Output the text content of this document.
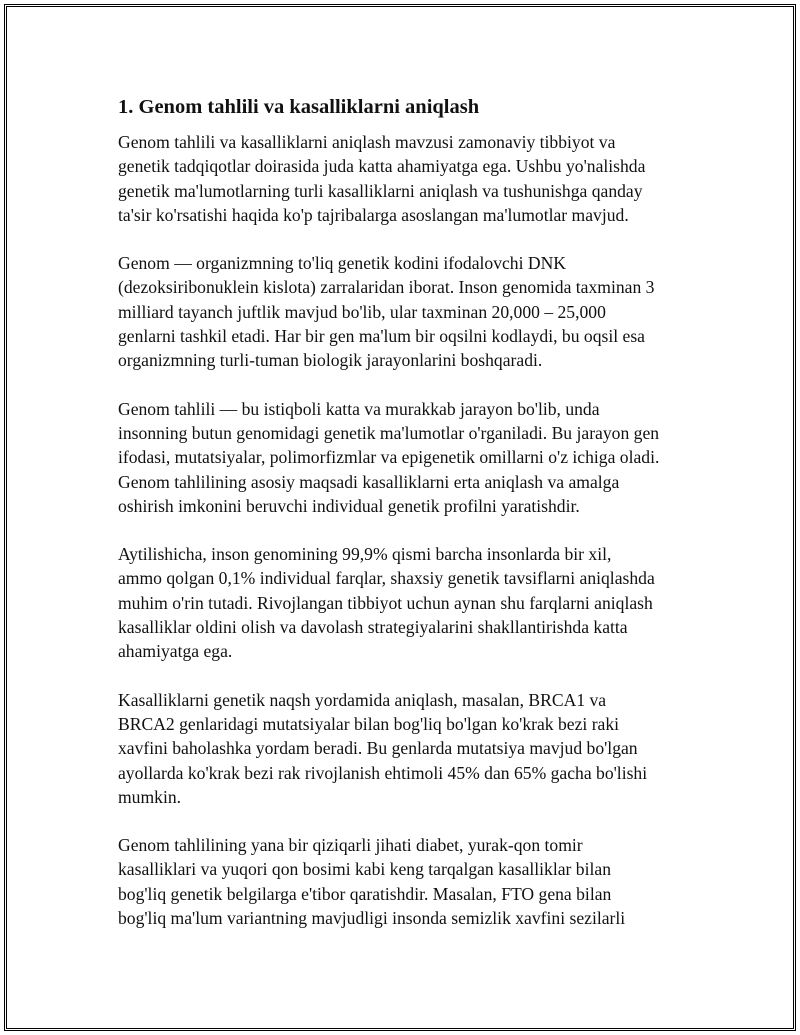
1. Genom tahlili va kasalliklarni aniqlash

Genom tahlili va kasalliklarni aniqlash mavzusi zamonaviy tibbiyot va
genetik tadqiqotlar doirasida juda katta ahamiyatga ega. Ushbu yo'nalishda
genetik ma'lumotlarning turli kasalliklarni aniqlash va tushunishga qanday
ta'sir ko'rsatishi haqida ko'p tajribalarga asoslangan ma'lumotlar mavjud.

Genom — organizmning to'liq genetik kodini ifodalovchi DNK
(dezoksiribonuklein kislota) zarralaridan iborat. Inson genomida taxminan 3
milliard tayanch juftlik mavjud bo'lib, ular taxminan 20,000 – 25,000
genlarni tashkil etadi. Har bir gen ma'lum bir oqsilni kodlaydi, bu oqsil esa
organizmning turli-tuman biologik jarayonlarini boshqaradi.

Genom tahlili — bu istiqboli katta va murakkab jarayon bo'lib, unda
insonning butun genomidagi genetik ma'lumotlar o'rganiladi. Bu jarayon gen
ifodasi, mutatsiyalar, polimorfizmlar va epigenetik omillarni o'z ichiga oladi.
Genom tahlilining asosiy maqsadi kasalliklarni erta aniqlash va amalga
oshirish imkonini beruvchi individual genetik profilni yaratishdir.

Aytilishicha, inson genomining 99,9% qismi barcha insonlarda bir xil,
ammo qolgan 0,1% individual farqlar, shaxsiy genetik tavsiflarni aniqlashda
muhim o'rin tutadi. Rivojlangan tibbiyot uchun aynan shu farqlarni aniqlash
kasalliklar oldini olish va davolash strategiyalarini shakllantirishda katta
ahamiyatga ega.

Kasalliklarni genetik naqsh yordamida aniqlash, masalan, BRCA1 va
BRCA2 genlaridagi mutatsiyalar bilan bog'liq bo'lgan ko'krak bezi raki
xavfini baholashka yordam beradi. Bu genlarda mutatsiya mavjud bo'lgan
ayollarda ko'krak bezi rak rivojlanish ehtimoli 45% dan 65% gacha bo'lishi
mumkin.

Genom tahlilining yana bir qiziqarli jihati diabet, yurak-qon tomir
kasalliklari va yuqori qon bosimi kabi keng tarqalgan kasalliklar bilan
bog'liq genetik belgilarga e'tibor qaratishdir. Masalan, FTO gena bilan
bog'liq ma'lum variantning mavjudligi insonda semizlik xavfini sezilarli
